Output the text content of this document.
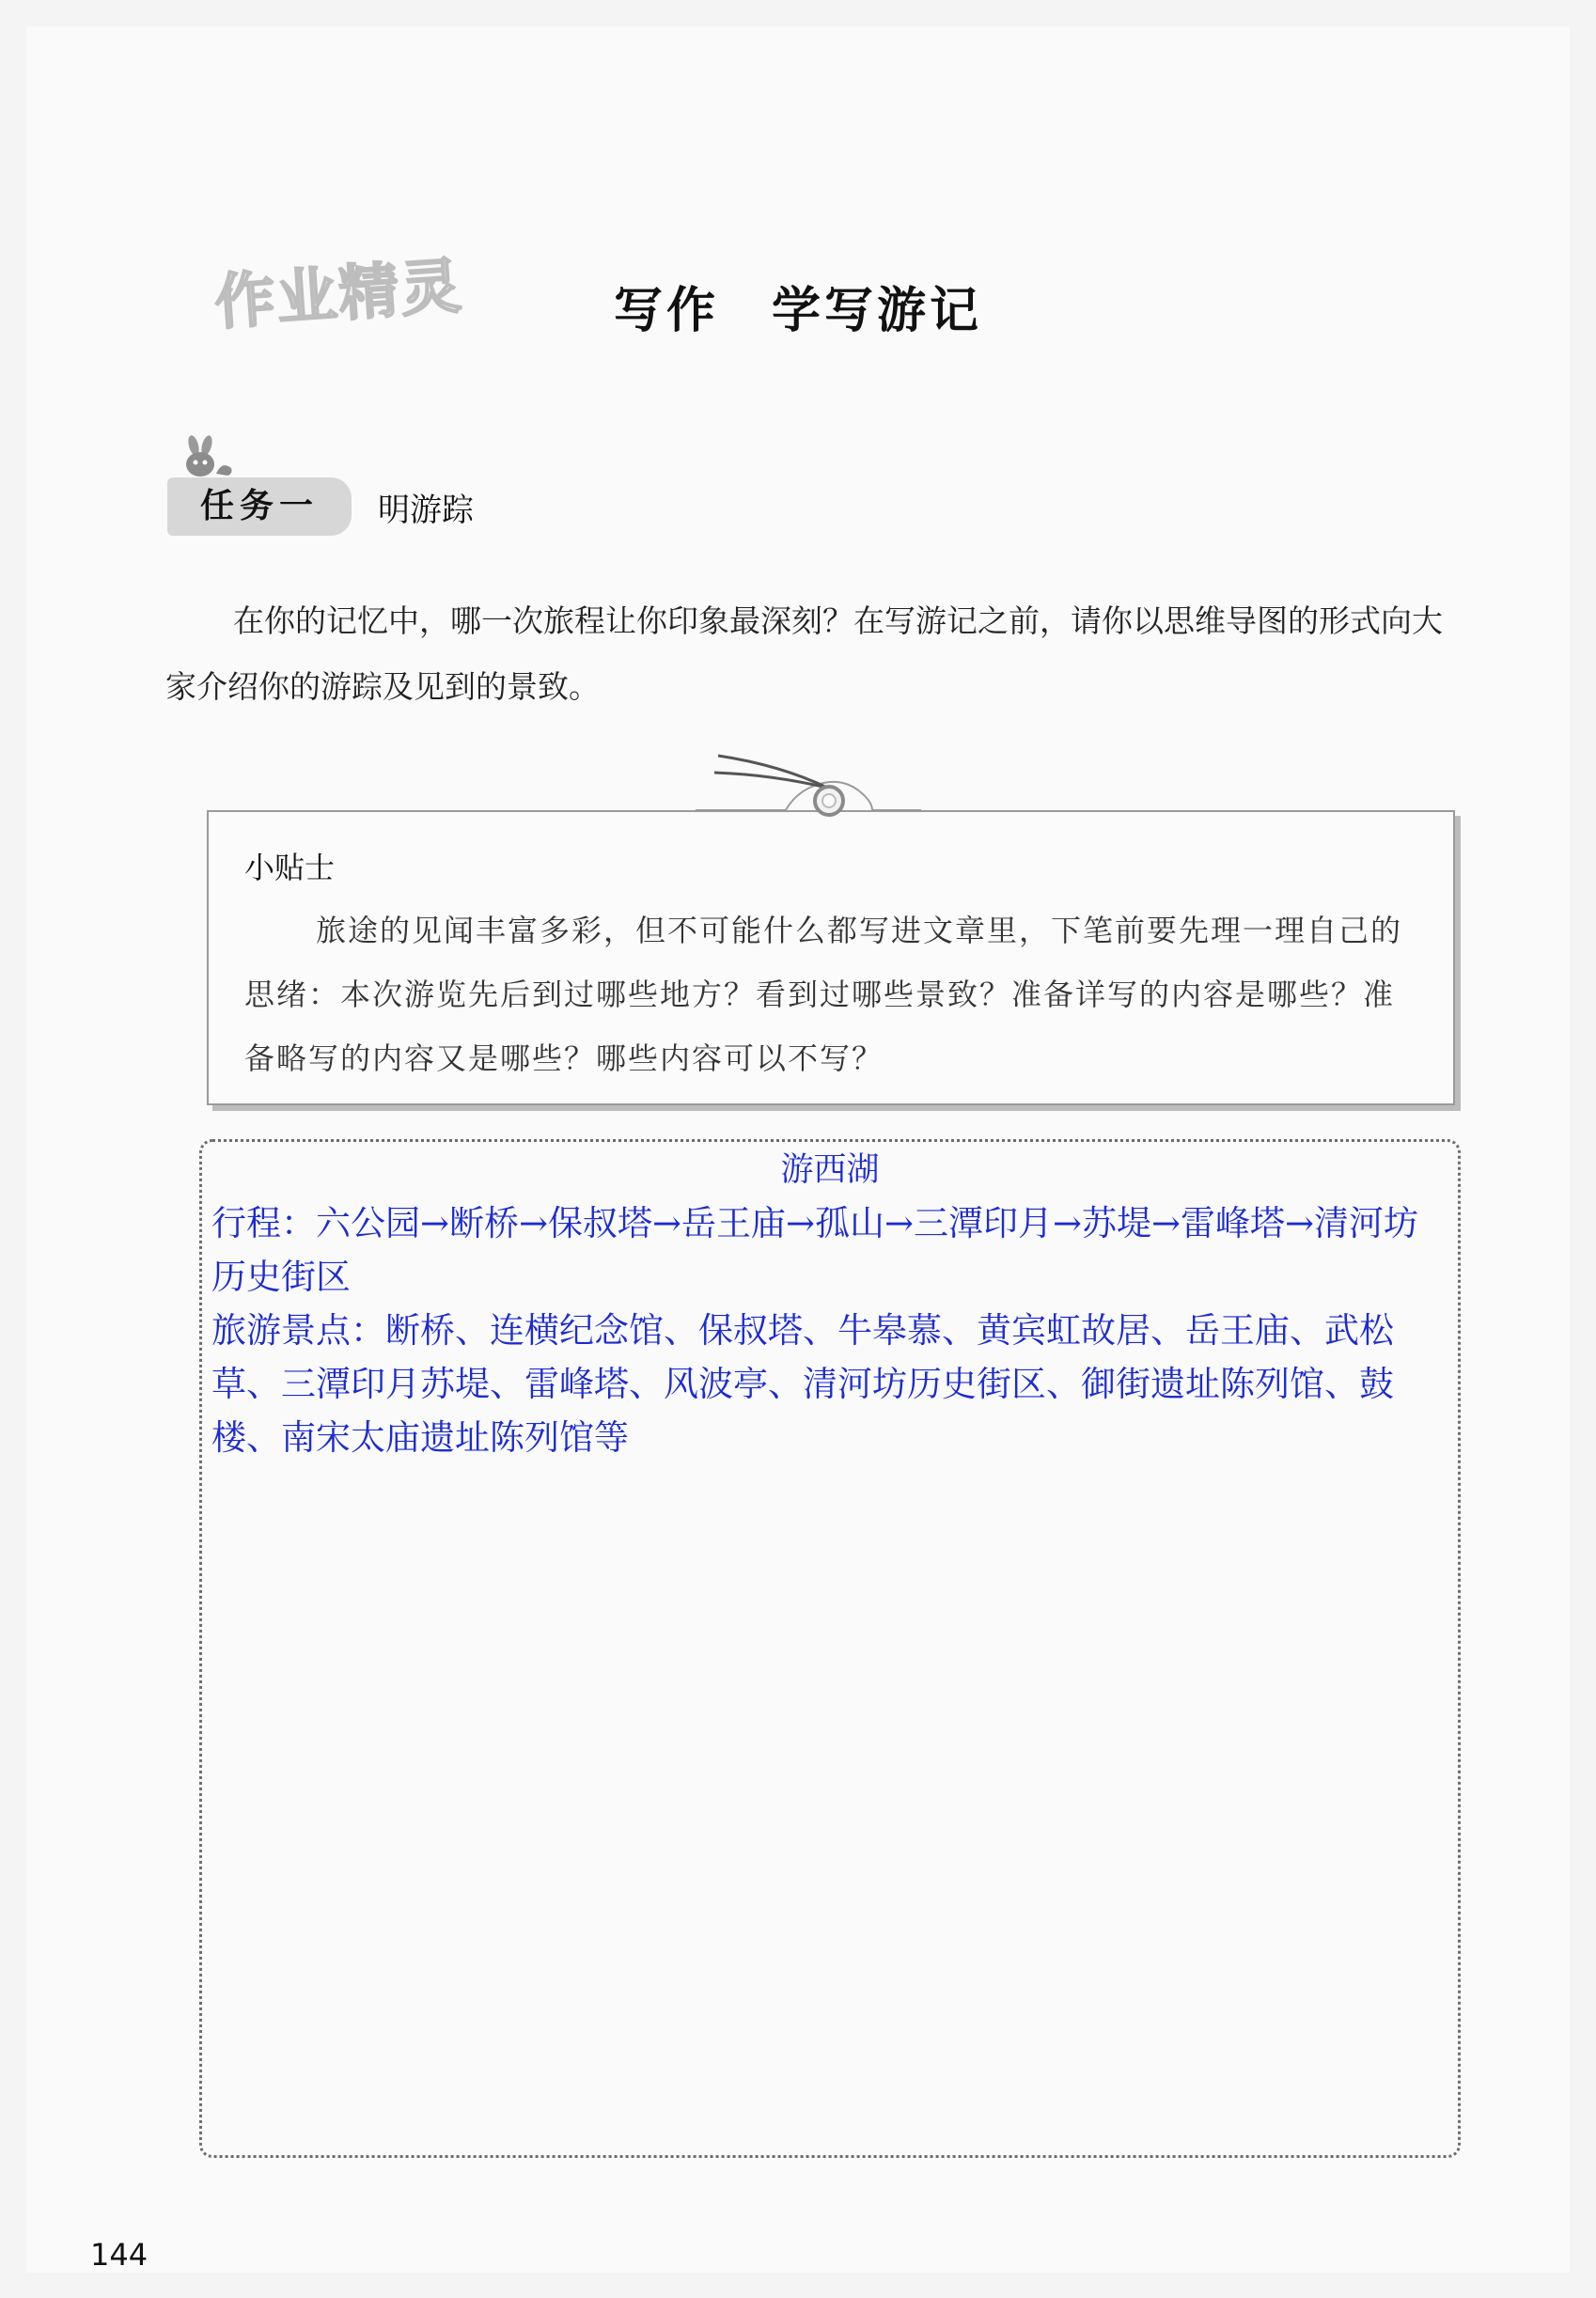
作业精灵	写作　学写游记
任务一	明游踪

在你的记忆中，哪一次旅程让你印象最深刻？在写游记之前，请你以思维导图的形式向大家介绍你的游踪及见到的景致。

小贴士

旅途的见闻丰富多彩，但不可能什么都写进文章里，下笔前要先理一理自己的思绪：本次游览先后到过哪些地方？看到过哪些景致？准备详写的内容是哪些？准备略写的内容又是哪些？哪些内容可以不写？

游西湖

行程：六公园→断桥→保叔塔→岳王庙→孤山→三潭印月→苏堤→雷峰塔→清河坊历史街区

旅游景点：断桥、连横纪念馆、保叔塔、牛皋慕、黄宾虹故居、岳王庙、武松草、三潭印月苏堤、雷峰塔、风波亭、清河坊历史街区、御街遗址陈列馆、鼓楼、南宋太庙遗址陈列馆等

144
